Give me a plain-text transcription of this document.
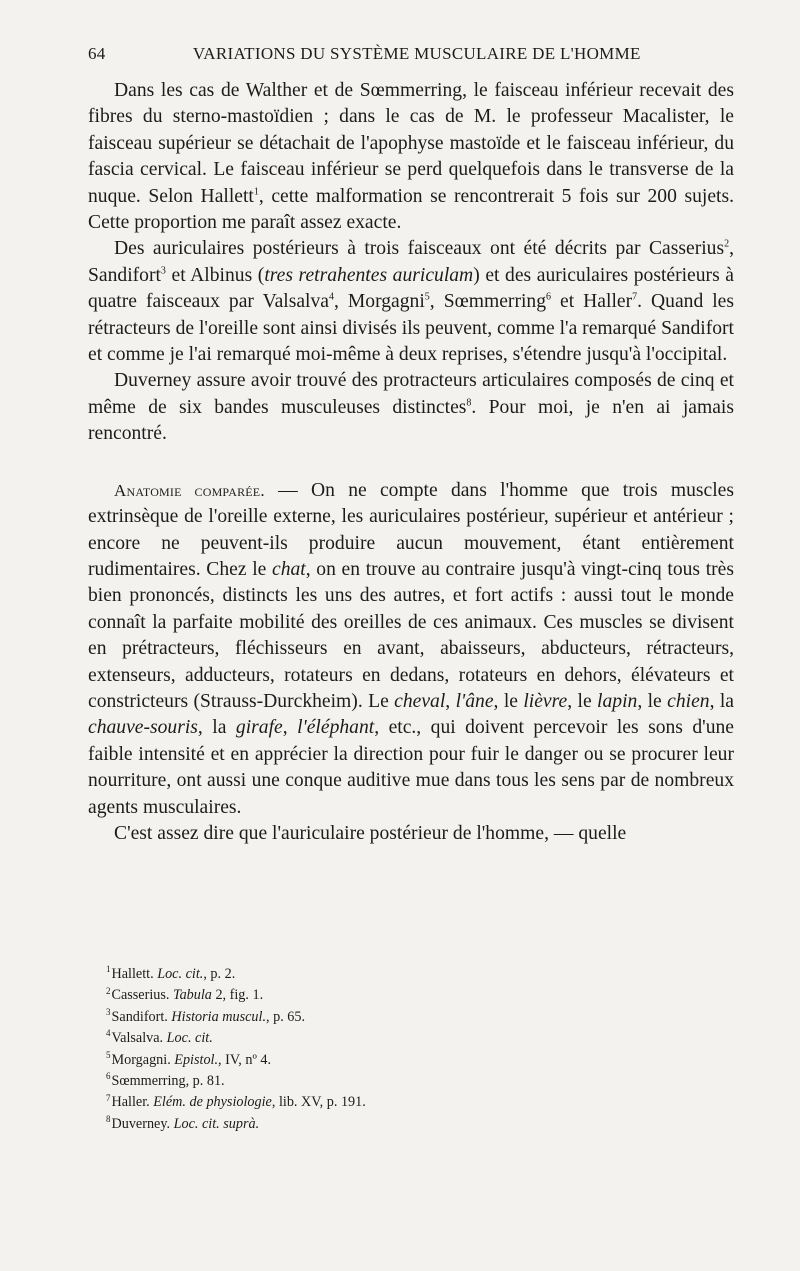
64	VARIATIONS DU SYSTÈME MUSCULAIRE DE L'HOMME

Dans les cas de Walther et de Sœmmerring, le faisceau inférieur recevait des fibres du sterno-mastoïdien ; dans le cas de M. le professeur Macalister, le faisceau supérieur se détachait de l'apophyse mastoïde et le faisceau inférieur, du fascia cervical. Le faisceau inférieur se perd quelquefois dans le transverse de la nuque. Selon Hallett$^1$, cette malformation se rencontrerait 5 fois sur 200 sujets. Cette proportion me paraît assez exacte.

Des auriculaires postérieurs à trois faisceaux ont été décrits par Casserius$^2$, Sandifort$^3$ et Albinus (tres retrahentes auriculam) et des auriculaires postérieurs à quatre faisceaux par Valsalva$^4$, Morgagni$^5$, Sœmmerring$^6$ et Haller$^7$. Quand les rétracteurs de l'oreille sont ainsi divisés ils peuvent, comme l'a remarqué Sandifort et comme je l'ai remarqué moi-même à deux reprises, s'étendre jusqu'à l'occipital.

Duverney assure avoir trouvé des protracteurs articulaires composés de cinq et même de six bandes musculeuses distinctes$^8$. Pour moi, je n'en ai jamais rencontré.

Anatomie comparée. — On ne compte dans l'homme que trois muscles extrinsèque de l'oreille externe, les auriculaires postérieur, supérieur et antérieur ; encore ne peuvent-ils produire aucun mouvement, étant entièrement rudimentaires. Chez le chat, on en trouve au contraire jusqu'à vingt-cinq tous très bien prononcés, distincts les uns des autres, et fort actifs : aussi tout le monde connaît la parfaite mobilité des oreilles de ces animaux. Ces muscles se divisent en prétracteurs, fléchisseurs en avant, abaisseurs, abducteurs, rétracteurs, extenseurs, adducteurs, rotateurs en dedans, rotateurs en dehors, élévateurs et constricteurs (Strauss-Durckheim). Le cheval, l'âne, le lièvre, le lapin, le chien, la chauve-souris, la girafe, l'éléphant, etc., qui doivent percevoir les sons d'une faible intensité et en apprécier la direction pour fuir le danger ou se procurer leur nourriture, ont aussi une conque auditive mue dans tous les sens par de nombreux agents musculaires.

C'est assez dire que l'auriculaire postérieur de l'homme, — quelle

$^1$Hallett. Loc. cit., p. 2.
$^2$Casserius. Tabula 2, fig. 1.
$^3$Sandifort. Historia muscul., p. 65.
$^4$Valsalva. Loc. cit.
$^5$Morgagni. Epistol., IV, nº 4.
$^6$Sœmmerring, p. 81.
$^7$Haller. Elém. de physiologie, lib. XV, p. 191.
$^8$Duverney. Loc. cit. suprà.
